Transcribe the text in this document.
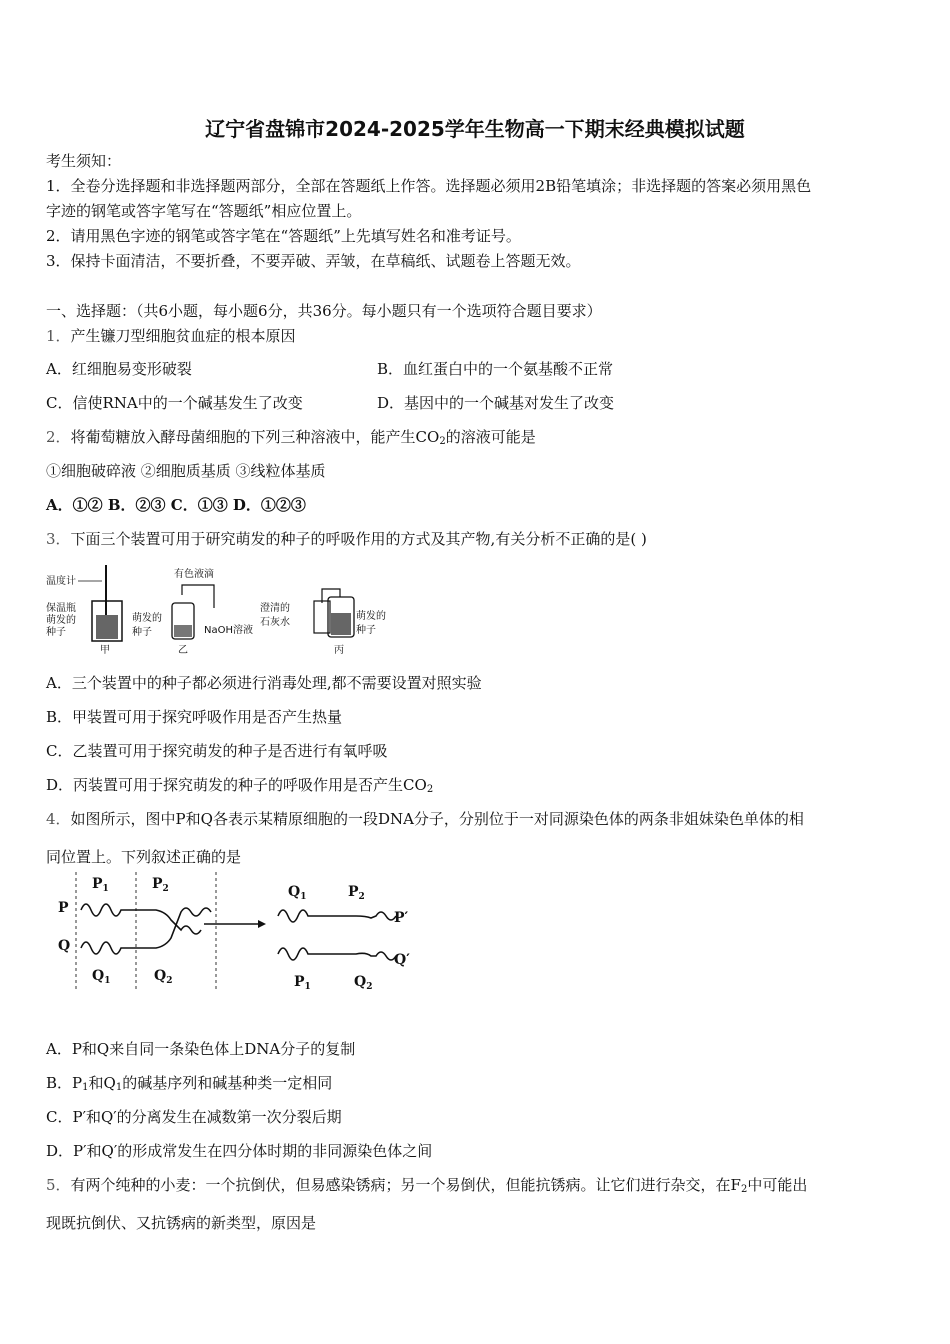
辽宁省盘锦市2024-2025学年生物高一下期末经典模拟试题
考生须知：
1．全卷分选择题和非选择题两部分，全部在答题纸上作答。选择题必须用2B铅笔填涂；非选择题的答案必须用黑色
字迹的钢笔或答字笔写在“答题纸”相应位置上。
2．请用黑色字迹的钢笔或答字笔在“答题纸”上先填写姓名和准考证号。
3．保持卡面清洁，不要折叠，不要弄破、弄皱，在草稿纸、试题卷上答题无效。
一、选择题：（共6小题，每小题6分，共36分。每小题只有一个选项符合题目要求）
1．产生镰刀型细胞贫血症的根本原因
A．红细胞易变形破裂	B．血红蛋白中的一个氨基酸不正常
C．信使RNA中的一个碱基发生了改变	D．基因中的一个碱基对发生了改变
2．将葡萄糖放入酵母菌细胞的下列三种溶液中，能产生$CO_2$的溶液可能是
①细胞破碎液 ②细胞质基质 ③线粒体基质
A．①② B．②③ C．①③ D．①②③
3．下面三个装置可用于研究萌发的种子的呼吸作用的方式及其产物,有关分析不正确的是( )
温度计
保温瓶
萌发的
种子
甲
有色液滴
萌发的
种子	NaOH溶液
乙
澄清的
石灰水
萌发的
种子
丙
A．三个装置中的种子都必须进行消毒处理,都不需要设置对照实验
B．甲装置可用于探究呼吸作用是否产生热量
C．乙装置可用于探究萌发的种子是否进行有氧呼吸
D．丙装置可用于探究萌发的种子的呼吸作用是否产生$CO_2$
4．如图所示，图中P和Q各表示某精原细胞的一段DNA分子，分别位于一对同源染色体的两条非姐妹染色单体的相
同位置上。下列叙述正确的是
P
Q
$P_1$	$P_2$
$Q_1$	$Q_2$
$Q_1$	$P_2$
P′
Q′
$P_1$	$Q_2$
A．P和Q来自同一条染色体上DNA分子的复制
B．$P_1$和$Q_1$的碱基序列和碱基种类一定相同
C．P′和Q′的分离发生在减数第一次分裂后期
D．P′和Q′的形成常发生在四分体时期的非同源染色体之间
5．有两个纯种的小麦：一个抗倒伏，但易感染锈病；另一个易倒伏，但能抗锈病。让它们进行杂交，在$F_2$中可能出
现既抗倒伏、又抗锈病的新类型，原因是
